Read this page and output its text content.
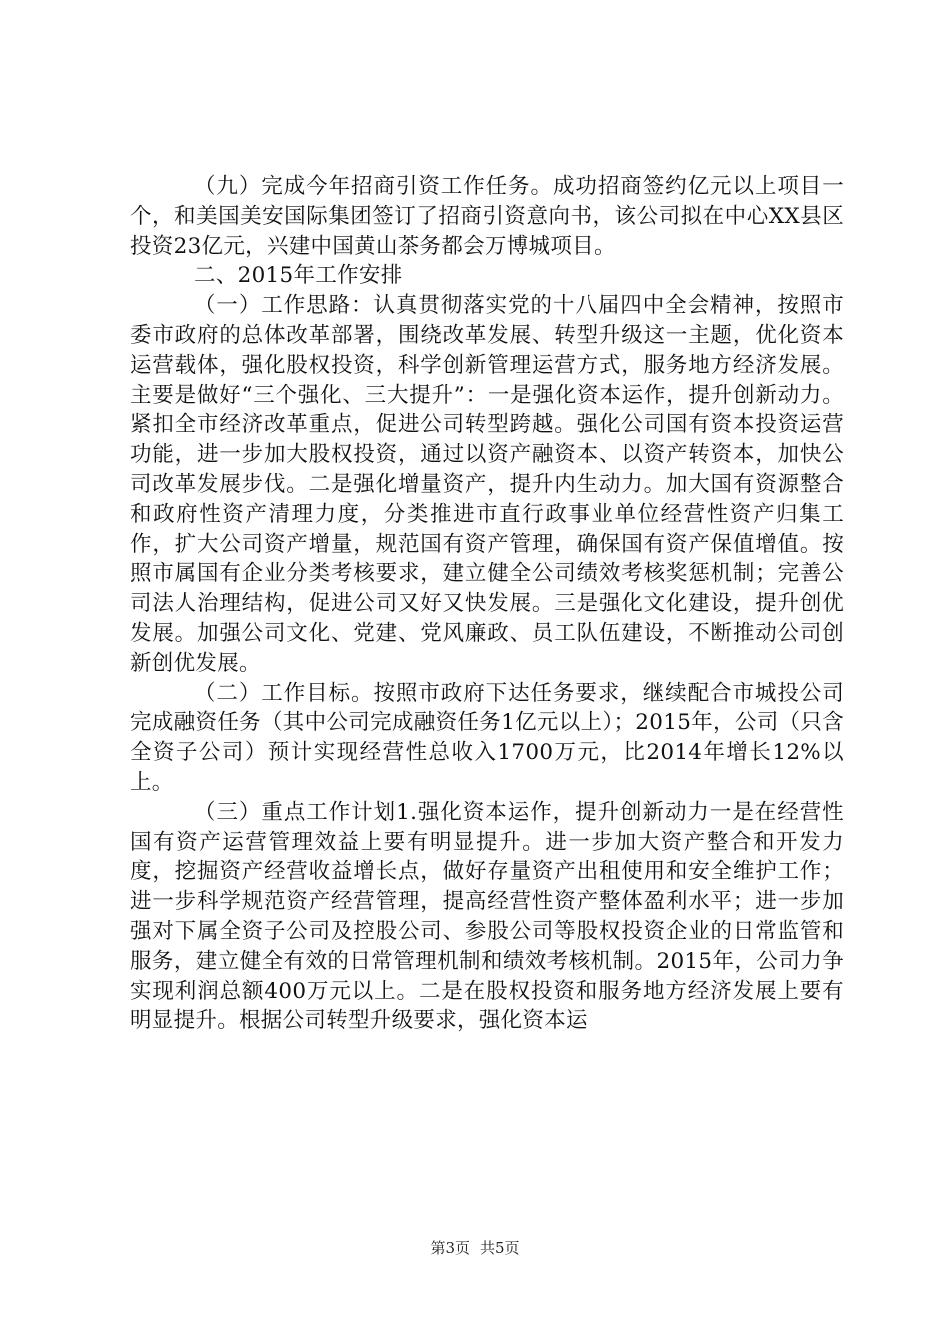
（九）完成今年招商引资工作任务。成功招商签约亿元以上项目一个，和美国美安国际集团签订了招商引资意向书，该公司拟在中心XX县区投资23亿元，兴建中国黄山茶务都会万博城项目。

二、2015年工作安排

（一）工作思路：认真贯彻落实党的十八届四中全会精神，按照市委市政府的总体改革部署，围绕改革发展、转型升级这一主题，优化资本运营载体，强化股权投资，科学创新管理运营方式，服务地方经济发展。主要是做好“三个强化、三大提升”：一是强化资本运作，提升创新动力。紧扣全市经济改革重点，促进公司转型跨越。强化公司国有资本投资运营功能，进一步加大股权投资，通过以资产融资本、以资产转资本，加快公司改革发展步伐。二是强化增量资产，提升内生动力。加大国有资源整合和政府性资产清理力度，分类推进市直行政事业单位经营性资产归集工作，扩大公司资产增量，规范国有资产管理，确保国有资产保值增值。按照市属国有企业分类考核要求，建立健全公司绩效考核奖惩机制；完善公司法人治理结构，促进公司又好又快发展。三是强化文化建设，提升创优发展。加强公司文化、党建、党风廉政、员工队伍建设，不断推动公司创新创优发展。

（二）工作目标。按照市政府下达任务要求，继续配合市城投公司完成融资任务（其中公司完成融资任务1亿元以上）；2015年，公司（只含全资子公司）预计实现经营性总收入1700万元，比2014年增长12%以上。

（三）重点工作计划1.强化资本运作，提升创新动力一是在经营性国有资产运营管理效益上要有明显提升。进一步加大资产整合和开发力度，挖掘资产经营收益增长点，做好存量资产出租使用和安全维护工作；进一步科学规范资产经营管理，提高经营性资产整体盈利水平；进一步加强对下属全资子公司及控股公司、参股公司等股权投资企业的日常监管和服务，建立健全有效的日常管理机制和绩效考核机制。2015年，公司力争实现利润总额400万元以上。二是在股权投资和服务地方经济发展上要有明显提升。根据公司转型升级要求，强化资本运

第3页 共5页
